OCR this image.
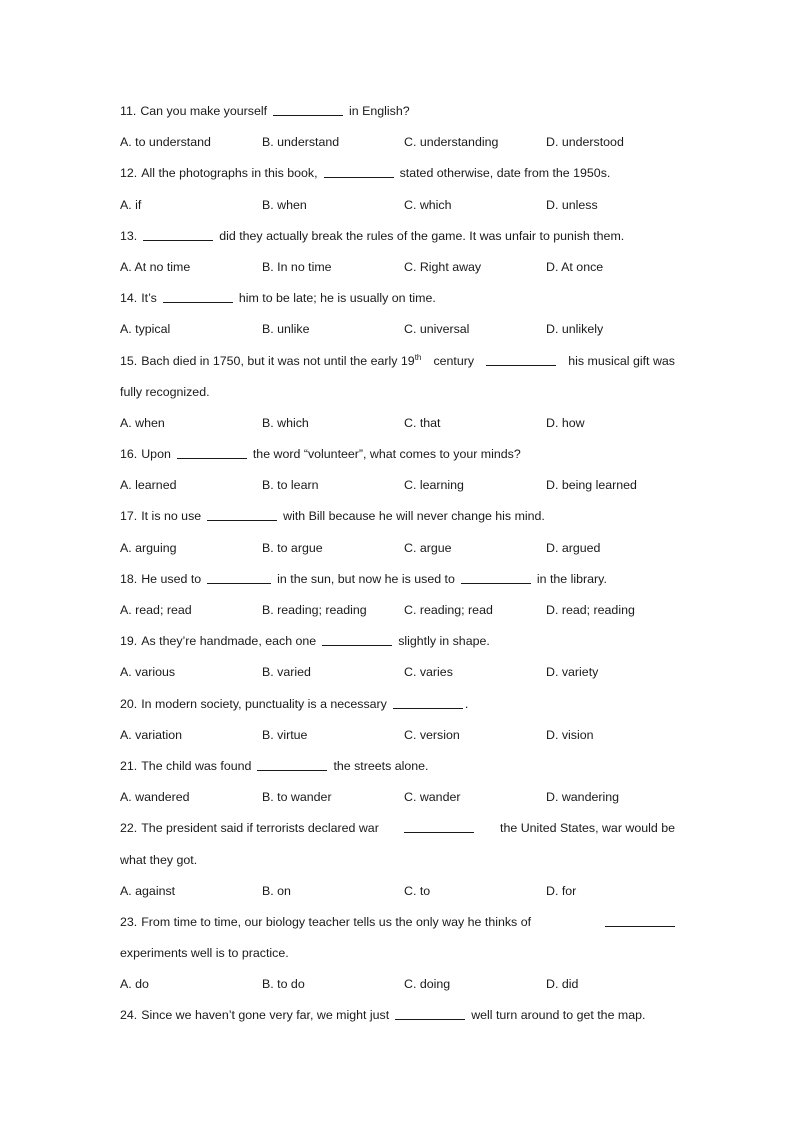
11. Can you make yourself	in English?
A. to understand	B. understand	C. understanding	D. understood
12. All the photographs in this book,	stated otherwise, date from the 1950s.
A. if	B. when	C. which	D. unless
13.	did they actually break the rules of the game. It was unfair to punish them.
A. At no time	B. In no time	C. Right away	D. At once
14. It’s	him to be late; he is usually on time.
A. typical	B. unlike	C. universal	D. unlikely
15. Bach died in 1750, but it was not until the early 19th century	his musical gift was
fully recognized.
A. when	B. which	C. that	D. how
16. Upon	the word “volunteer”, what comes to your minds?
A. learned	B. to learn	C. learning	D. being learned
17. It is no use	with Bill because he will never change his mind.
A. arguing	B. to argue	C. argue	D. argued
18. He used to	in the sun, but now he is used to	in the library.
A. read; read	B. reading; reading	C. reading; read	D. read; reading
19. As they’re handmade, each one	slightly in shape.
A. various	B. varied	C. varies	D. variety
20. In modern society, punctuality is a necessary	.
A. variation	B. virtue	C. version	D. vision
21. The child was found	the streets alone.
A. wandered	B. to wander	C. wander	D. wandering
22. The president said if terrorists declared war	the United States, war would be
what they got.
A. against	B. on	C. to	D. for
23. From time to time, our biology teacher tells us the only way he thinks of
experiments well is to practice.
A. do	B. to do	C. doing	D. did
24. Since we haven’t gone very far, we might just	well turn around to get the map.
